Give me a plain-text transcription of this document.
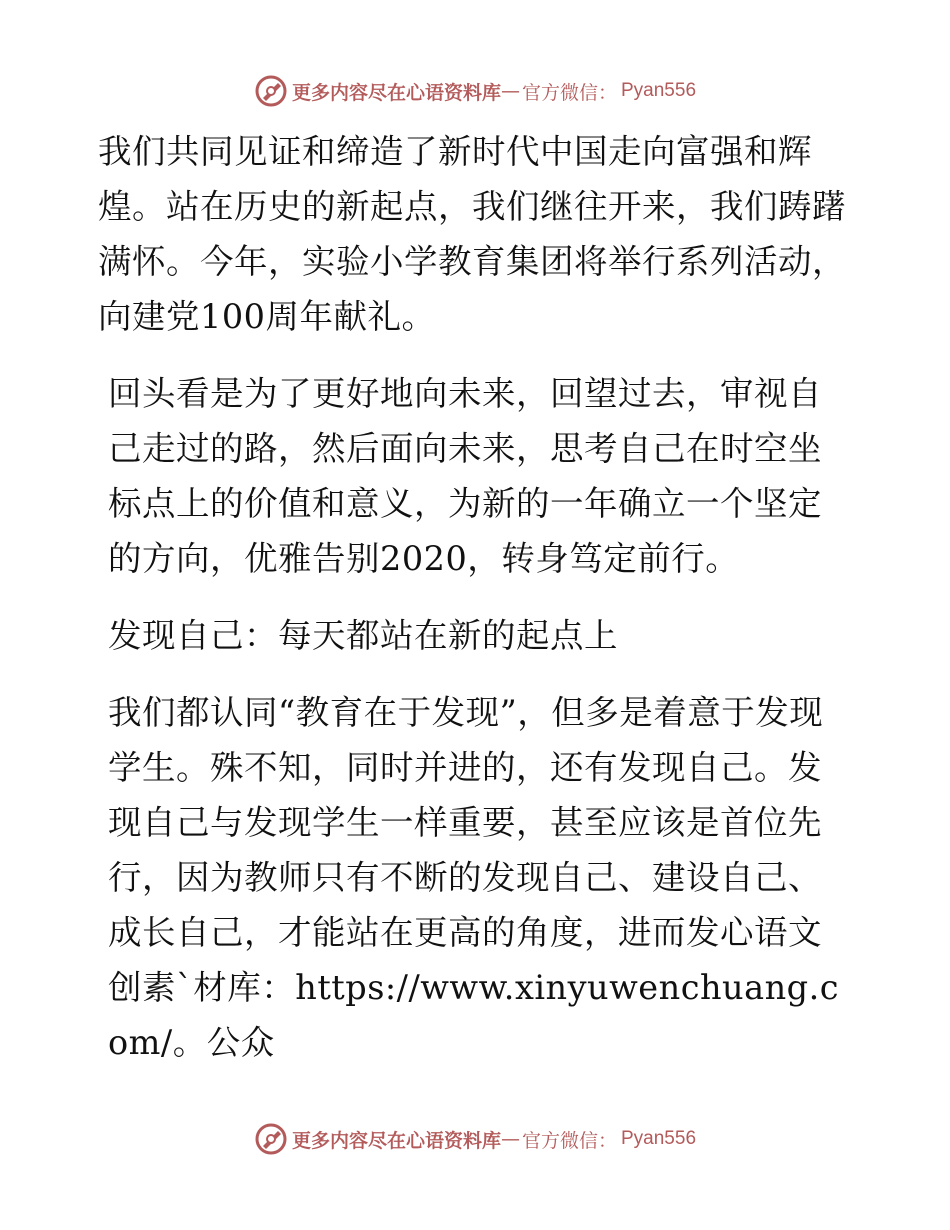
更多内容尽在心语资料库 — 官方微信： Pyan556

我们共同见证和缔造了新时代中国走向富强和辉煌。站在历史的新起点，我们继往开来，我们踌躇满怀。今年，实验小学教育集团将举行系列活动，向建党100周年献礼。

回头看是为了更好地向未来，回望过去，审视自己走过的路，然后面向未来，思考自己在时空坐标点上的价值和意义，为新的一年确立一个坚定的方向，优雅告别2020，转身笃定前行。

发现自己：每天都站在新的起点上

我们都认同“教育在于发现”，但多是着意于发现学生。殊不知，同时并进的，还有发现自己。发现自己与发现学生一样重要，甚至应该是首位先行，因为教师只有不断的发现自己、建设自己、成长自己，才能站在更高的角度，进而发心语文创素`材库：https://www.xinyuwenchuang.com/。公众

更多内容尽在心语资料库 — 官方微信： Pyan556
